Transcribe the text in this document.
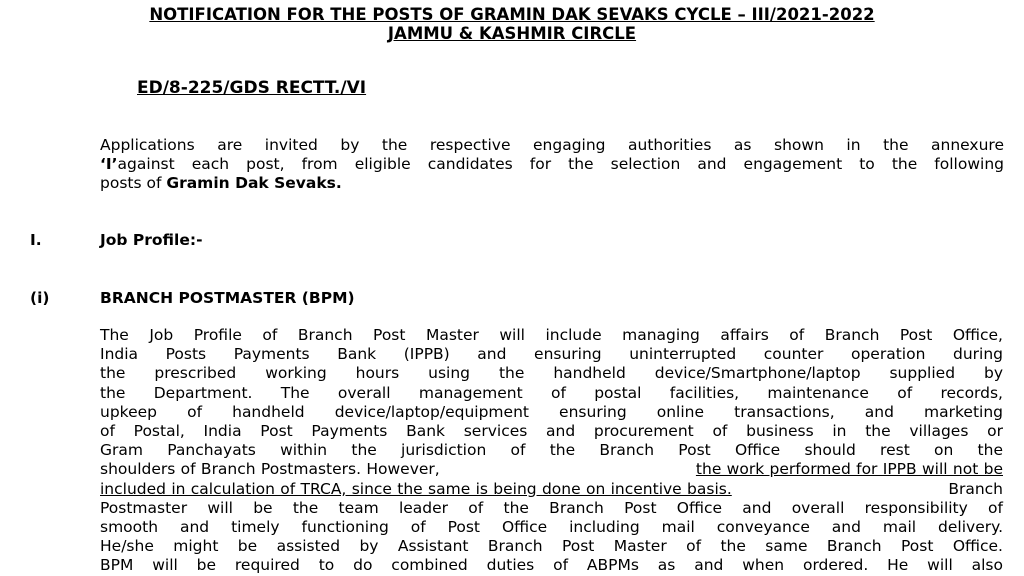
NOTIFICATION FOR THE POSTS OF GRAMIN DAK SEVAKS CYCLE – III/2021-2022
JAMMU & KASHMIR CIRCLE
ED/8-225/GDS RECTT./VI

Applications are invited by the respective engaging authorities as shown in the annexure

‘I’against each post, from eligible candidates for the selection and engagement to the following

posts of Gramin Dak Sevaks.

I.	Job Profile:-
(i)	BRANCH POSTMASTER (BPM)
The Job Profile of Branch Post Master will include managing affairs of Branch Post Office,
India Posts Payments Bank (IPPB) and ensuring uninterrupted counter operation during
the prescribed working hours using the handheld device/Smartphone/laptop supplied by
the Department. The overall management of postal facilities, maintenance of records,
upkeep of handheld device/laptop/equipment ensuring online transactions, and marketing
of Postal, India Post Payments Bank services and procurement of business in the villages or
Gram Panchayats within the jurisdiction of the Branch Post Office should rest on the
shoulders of Branch Postmasters. However,	the work performed for IPPB will not be
included in calculation of TRCA, since the same is being done on incentive basis.	Branch
Postmaster will be the team leader of the Branch Post Office and overall responsibility of
smooth and timely functioning of Post Office including mail conveyance and mail delivery.
He/she might be assisted by Assistant Branch Post Master of the same Branch Post Office.
BPM will be required to do combined duties of ABPMs as and when ordered. He will also
